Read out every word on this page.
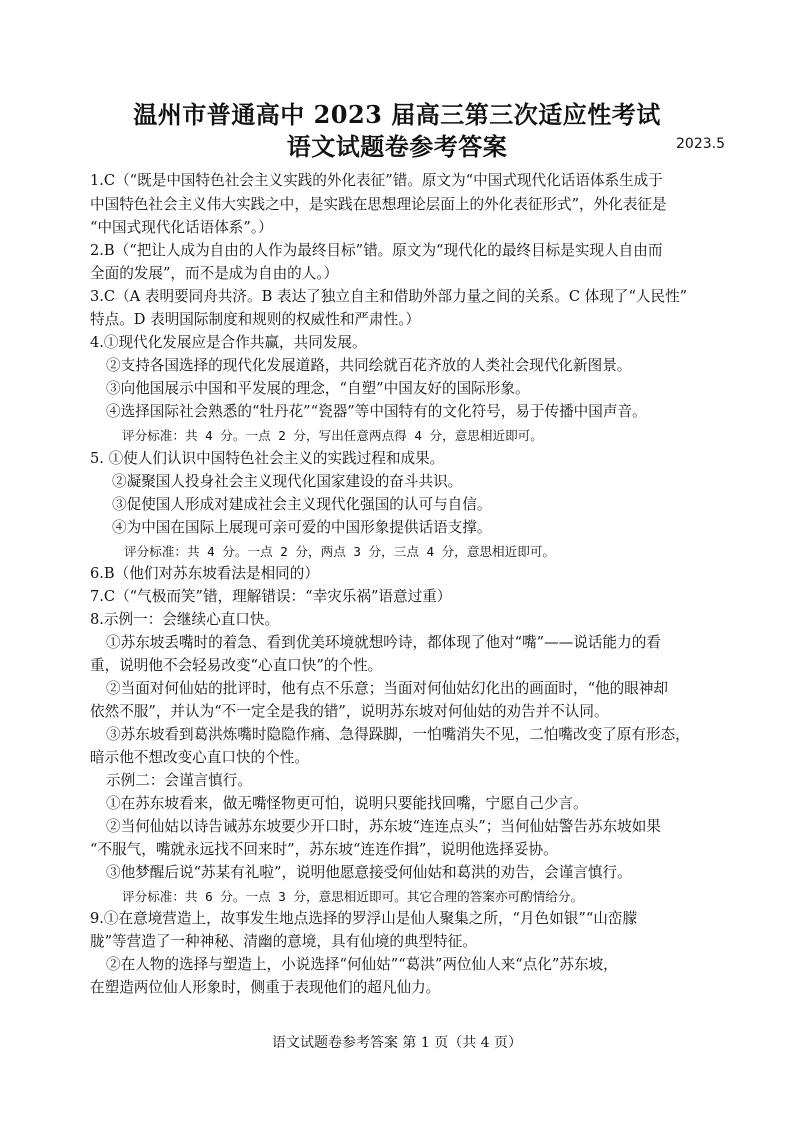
温州市普通高中 2023 届高三第三次适应性考试
语文试题卷参考答案	2023.5
1.C（“既是中国特色社会主义实践的外化表征”错。原文为“中国式现代化话语体系生成于
中国特色社会主义伟大实践之中，是实践在思想理论层面上的外化表征形式”，外化表征是
“中国式现代化话语体系”。）
2.B（“把让人成为自由的人作为最终目标”错。原文为“现代化的最终目标是实现人自由而
全面的发展”，而不是成为自由的人。）
3.C（A 表明要同舟共济。B 表达了独立自主和借助外部力量之间的关系。C 体现了“人民性”
特点。D 表明国际制度和规则的权威性和严肃性。）
4.①现代化发展应是合作共赢，共同发展。
②支持各国选择的现代化发展道路，共同绘就百花齐放的人类社会现代化新图景。
③向他国展示中国和平发展的理念，“自塑”中国友好的国际形象。
④选择国际社会熟悉的“牡丹花”“瓷器”等中国特有的文化符号，易于传播中国声音。
评分标准：共 4 分。一点 2 分，写出任意两点得 4 分，意思相近即可。
5. ①使人们认识中国特色社会主义的实践过程和成果。
②凝聚国人投身社会主义现代化国家建设的奋斗共识。
③促使国人形成对建成社会主义现代化强国的认可与自信。
④为中国在国际上展现可亲可爱的中国形象提供话语支撑。
评分标准：共 4 分。一点 2 分，两点 3 分，三点 4 分，意思相近即可。
6.B（他们对苏东坡看法是相同的）
7.C（“气极而笑”错，理解错误：“幸灾乐祸”语意过重）
8.示例一：会继续心直口快。
①苏东坡丢嘴时的着急、看到优美环境就想吟诗，都体现了他对“嘴”——说话能力的看
重，说明他不会轻易改变“心直口快”的个性。
②当面对何仙姑的批评时，他有点不乐意；当面对何仙姑幻化出的画面时，“他的眼神却
依然不服”，并认为“不一定全是我的错”，说明苏东坡对何仙姑的劝告并不认同。
③苏东坡看到葛洪炼嘴时隐隐作痛、急得跺脚，一怕嘴消失不见，二怕嘴改变了原有形态，
暗示他不想改变心直口快的个性。
示例二：会谨言慎行。
①在苏东坡看来，做无嘴怪物更可怕，说明只要能找回嘴，宁愿自己少言。
②当何仙姑以诗告诫苏东坡要少开口时，苏东坡“连连点头”；当何仙姑警告苏东坡如果
“不服气，嘴就永远找不回来时”，苏东坡“连连作揖”，说明他选择妥协。
③他梦醒后说“苏某有礼啦”，说明他愿意接受何仙姑和葛洪的劝告，会谨言慎行。
评分标准：共 6 分。一点 3 分，意思相近即可。其它合理的答案亦可酌情给分。
9.①在意境营造上，故事发生地点选择的罗浮山是仙人聚集之所，“月色如银”“山峦朦
胧”等营造了一种神秘、清幽的意境，具有仙境的典型特征。
②在人物的选择与塑造上，小说选择“何仙姑”“葛洪”两位仙人来“点化”苏东坡，
在塑造两位仙人形象时，侧重于表现他们的超凡仙力。
语文试题卷参考答案 第 1 页（共 4 页）
